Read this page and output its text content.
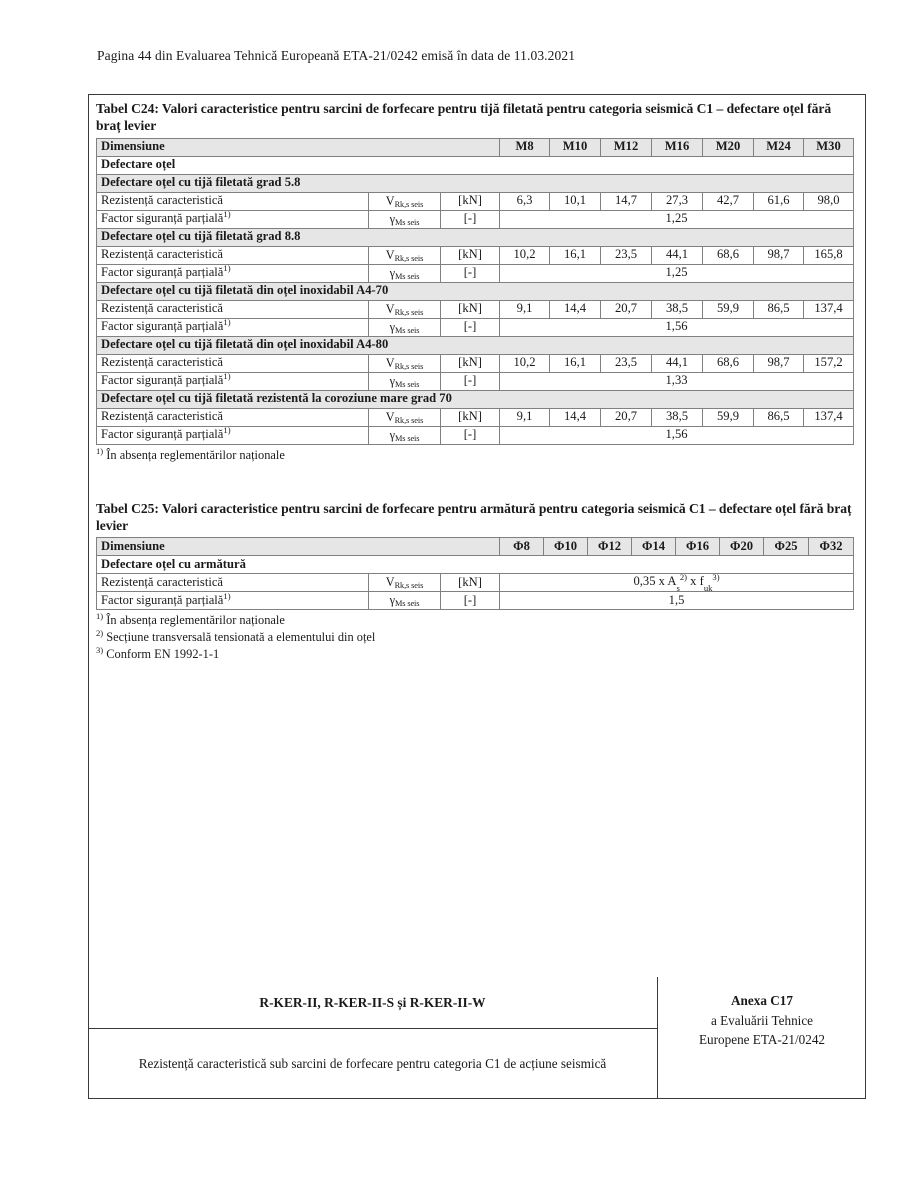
Pagina 44 din Evaluarea Tehnică Europeană ETA-21/0242 emisă în data de 11.03.2021
Tabel C24: Valori caracteristice pentru sarcini de forfecare pentru tijă filetată pentru categoria seismică C1 – defectare oțel fără braț levier
Dimensiune			M8	M10	M12	M16	M20	M24	M30
Defectare oțel									
Defectare oțel cu tijă filetată grad 5.8									
Rezistență caracteristică	$V_{Rk,s seis}$	[kN]	6,3	10,1	14,7	27,3	42,7	61,6	98,0
Factor siguranță parțială$^{1)}$	$\gamma_{Ms seis}$	[-]	1,25						
Defectare oțel cu tijă filetată grad 8.8									
Rezistență caracteristică	$V_{Rk,s seis}$	[kN]	10,2	16,1	23,5	44,1	68,6	98,7	165,8
Factor siguranță parțială$^{1)}$	$\gamma_{Ms seis}$	[-]	1,25						
Defectare oțel cu tijă filetată din oțel inoxidabil A4-70									
Rezistență caracteristică	$V_{Rk,s seis}$	[kN]	9,1	14,4	20,7	38,5	59,9	86,5	137,4
Factor siguranță parțială$^{1)}$	$\gamma_{Ms seis}$	[-]	1,56						
Defectare oțel cu tijă filetată din oțel inoxidabil A4-80									
Rezistență caracteristică	$V_{Rk,s seis}$	[kN]	10,2	16,1	23,5	44,1	68,6	98,7	157,2
Factor siguranță parțială$^{1)}$	$\gamma_{Ms seis}$	[-]	1,33						
Defectare oțel cu tijă filetată rezistentă la coroziune mare grad 70									
Rezistență caracteristică	$V_{Rk,s seis}$	[kN]	9,1	14,4	20,7	38,5	59,9	86,5	137,4
Factor siguranță parțială$^{1)}$	$\gamma_{Ms seis}$	[-]	1,56						
$^{1)}$ În absența reglementărilor naționale
Tabel C25: Valori caracteristice pentru sarcini de forfecare pentru armătură pentru categoria seismică C1 – defectare oțel fără braț levier
Dimensiune			Φ8	Φ10	Φ12	Φ14	Φ16	Φ20	Φ25	Φ32
Defectare oțel cu armătură										
Rezistență caracteristică	$V_{Rk,s seis}$	[kN]	0,35 x $A_s^{2)}$ x $f_{uk}^{3)}$
Factor siguranță parțială$^{1)}$	$\gamma_{Ms seis}$	[-]	1,5							
$^{1)}$ În absența reglementărilor naționale
$^{2)}$ Secțiune transversală tensionată a elementului din oțel
$^{3)}$ Conform EN 1992-1-1
R-KER-II, R-KER-II-S și R-KER-II-W
Rezistență caracteristică sub sarcini de forfecare pentru categoria C1 de acțiune seismică
Anexa C17
a Evaluării Tehnice
Europene ETA-21/0242
